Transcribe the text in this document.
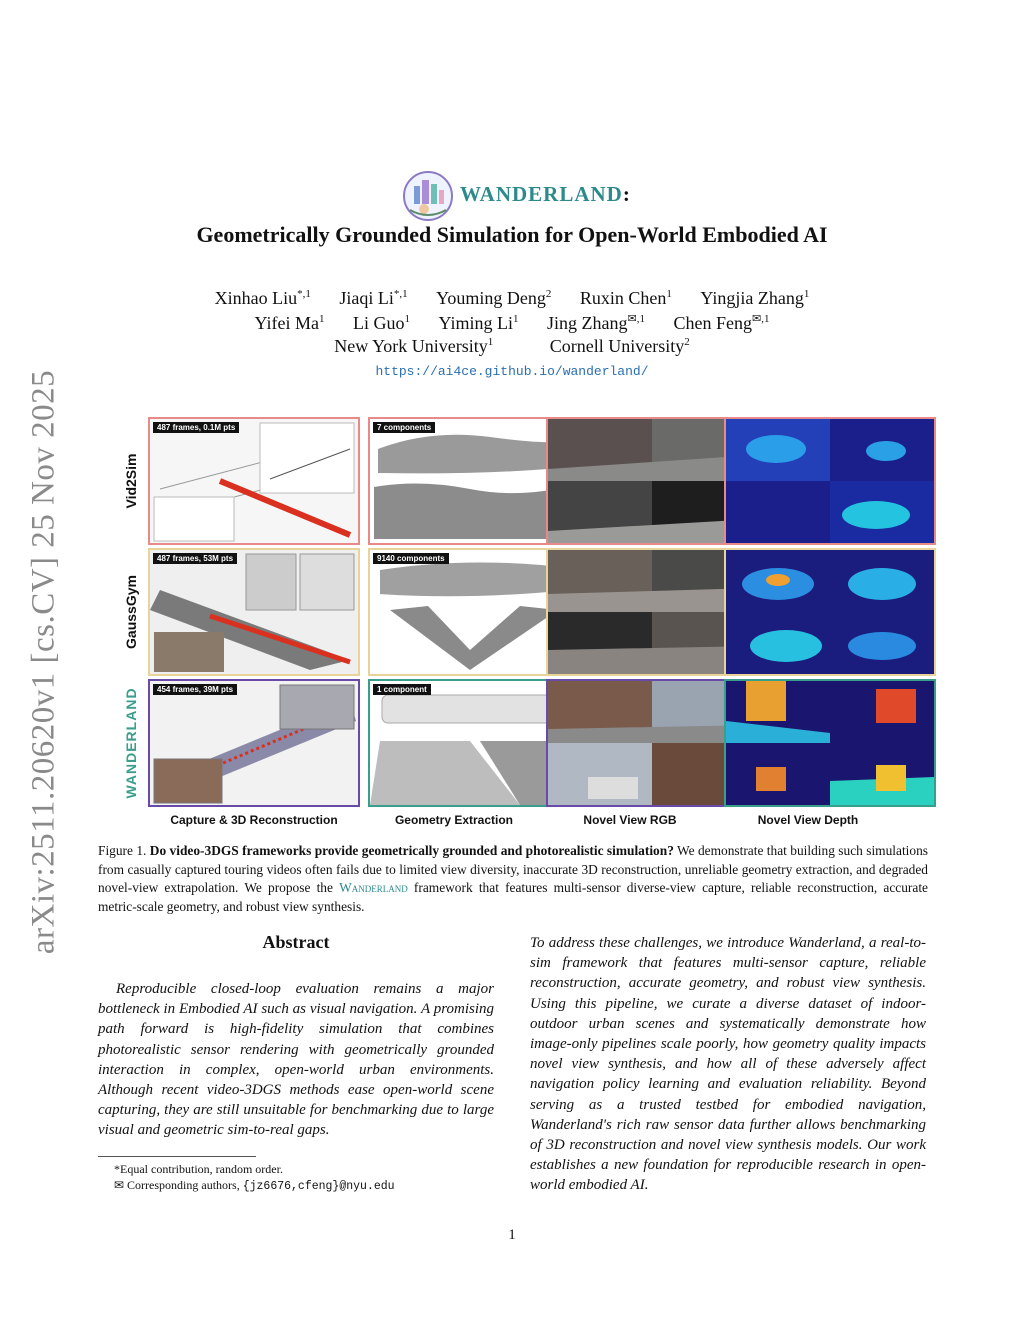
arXiv:2511.20620v1 [cs.CV] 25 Nov 2025
WANDERLAND:
Geometrically Grounded Simulation for Open-World Embodied AI
Xinhao Liu$^{*,1}$ Jiaqi $Li^{*,1}$ Youming Deng$^2$ Ruxin Chen$^1$ Yingjia Zhang$^1$
Yifei Ma$^1$ Li Guo$^1$ Yiming Li$^1$ Jing Zhang$^{✉,1}$ Chen Feng$^{✉,1}$
New York University$^1$	Cornell University$^2$
https://ai4ce.github.io/wanderland/
Vid2Sim
GaussGym
WANDERLAND
487 frames, 0.1M pts	7 components
487 frames, 53M pts	9140 components
454 frames, 39M pts	1 component
Capture & 3D Reconstruction	Geometry Extraction	Novel View RGB	Novel View Depth
Figure 1. Do video-3DGS frameworks provide geometrically grounded and photorealistic simulation? We demonstrate that building such simulations from casually captured touring videos often fails due to limited view diversity, inaccurate 3D reconstruction, unreliable geometry extraction, and degraded novel-view extrapolation. We propose the Wanderland framework that features multi-sensor diverse-view capture, reliable reconstruction, accurate metric-scale geometry, and robust view synthesis.
Abstract
Reproducible closed-loop evaluation remains a major bottleneck in Embodied AI such as visual navigation. A promising path forward is high-fidelity simulation that combines photorealistic sensor rendering with geometrically grounded interaction in complex, open-world urban environments. Although recent video-3DGS methods ease open-world scene capturing, they are still unsuitable for benchmarking due to large visual and geometric sim-to-real gaps.
To address these challenges, we introduce Wanderland, a real-to-sim framework that features multi-sensor capture, reliable reconstruction, accurate geometry, and robust view synthesis. Using this pipeline, we curate a diverse dataset of indoor-outdoor urban scenes and systematically demonstrate how image-only pipelines scale poorly, how geometry quality impacts novel view synthesis, and how all of these adversely affect navigation policy learning and evaluation reliability. Beyond serving as a trusted testbed for embodied navigation, Wanderland's rich raw sensor data further allows benchmarking of 3D reconstruction and novel view synthesis models. Our work establishes a new foundation for reproducible research in open-world embodied AI.
*Equal contribution, random order.
✉ Corresponding authors, {jz6676,cfeng}@nyu.edu
1
